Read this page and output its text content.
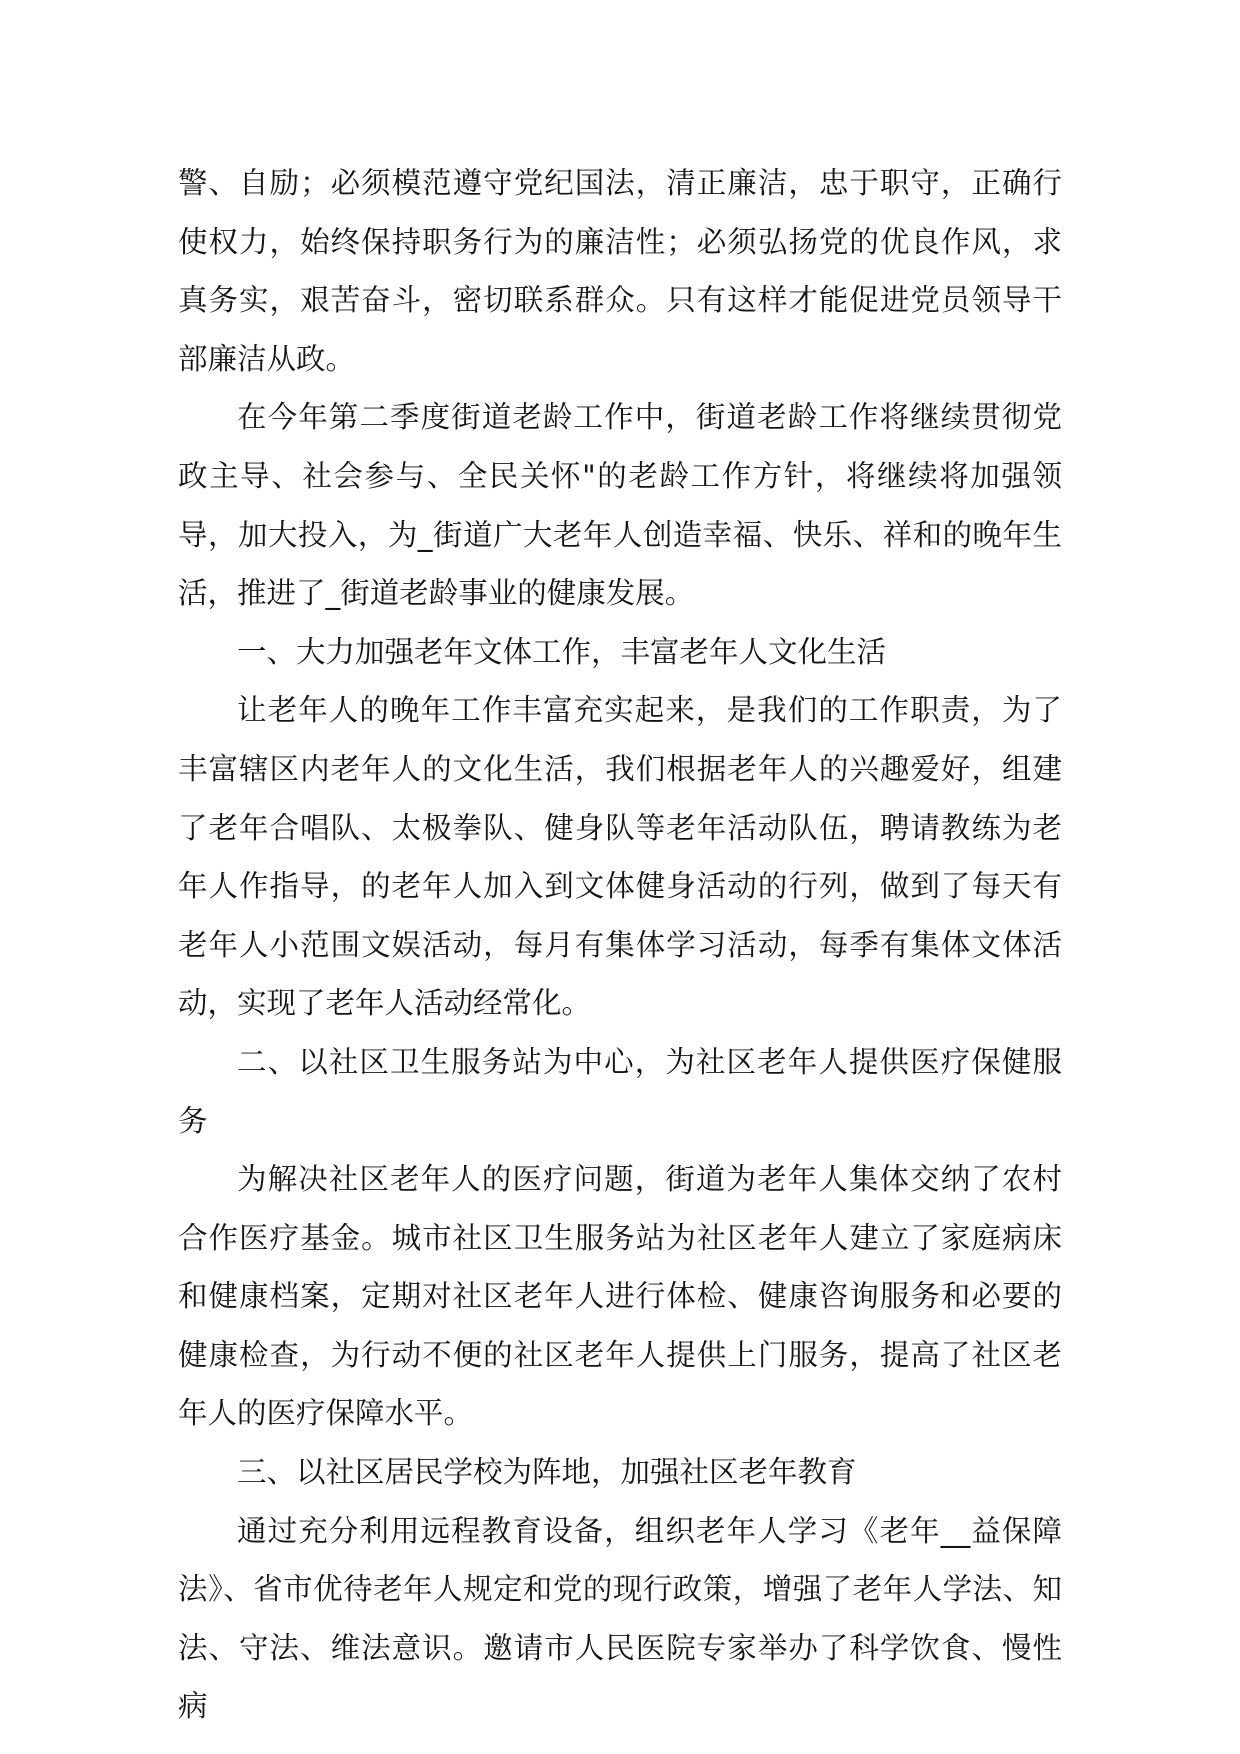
警、自励；必须模范遵守党纪国法，清正廉洁，忠于职守，正确行使权力，始终保持职务行为的廉洁性；必须弘扬党的优良作风，求真务实，艰苦奋斗，密切联系群众。只有这样才能促进党员领导干部廉洁从政。

在今年第二季度街道老龄工作中，街道老龄工作将继续贯彻党政主导、社会参与、全民关怀"的老龄工作方针，将继续将加强领导，加大投入，为_街道广大老年人创造幸福、快乐、祥和的晚年生活，推进了_街道老龄事业的健康发展。

一、大力加强老年文体工作，丰富老年人文化生活

让老年人的晚年工作丰富充实起来，是我们的工作职责，为了丰富辖区内老年人的文化生活，我们根据老年人的兴趣爱好，组建了老年合唱队、太极拳队、健身队等老年活动队伍，聘请教练为老年人作指导，的老年人加入到文体健身活动的行列，做到了每天有老年人小范围文娱活动，每月有集体学习活动，每季有集体文体活动，实现了老年人活动经常化。

二、以社区卫生服务站为中心，为社区老年人提供医疗保健服务

为解决社区老年人的医疗问题，街道为老年人集体交纳了农村合作医疗基金。城市社区卫生服务站为社区老年人建立了家庭病床和健康档案，定期对社区老年人进行体检、健康咨询服务和必要的健康检查，为行动不便的社区老年人提供上门服务，提高了社区老年人的医疗保障水平。

三、以社区居民学校为阵地，加强社区老年教育

通过充分利用远程教育设备，组织老年人学习《老年__益保障法》、省市优待老年人规定和党的现行政策，增强了老年人学法、知法、守法、维法意识。邀请市人民医院专家举办了科学饮食、慢性病
